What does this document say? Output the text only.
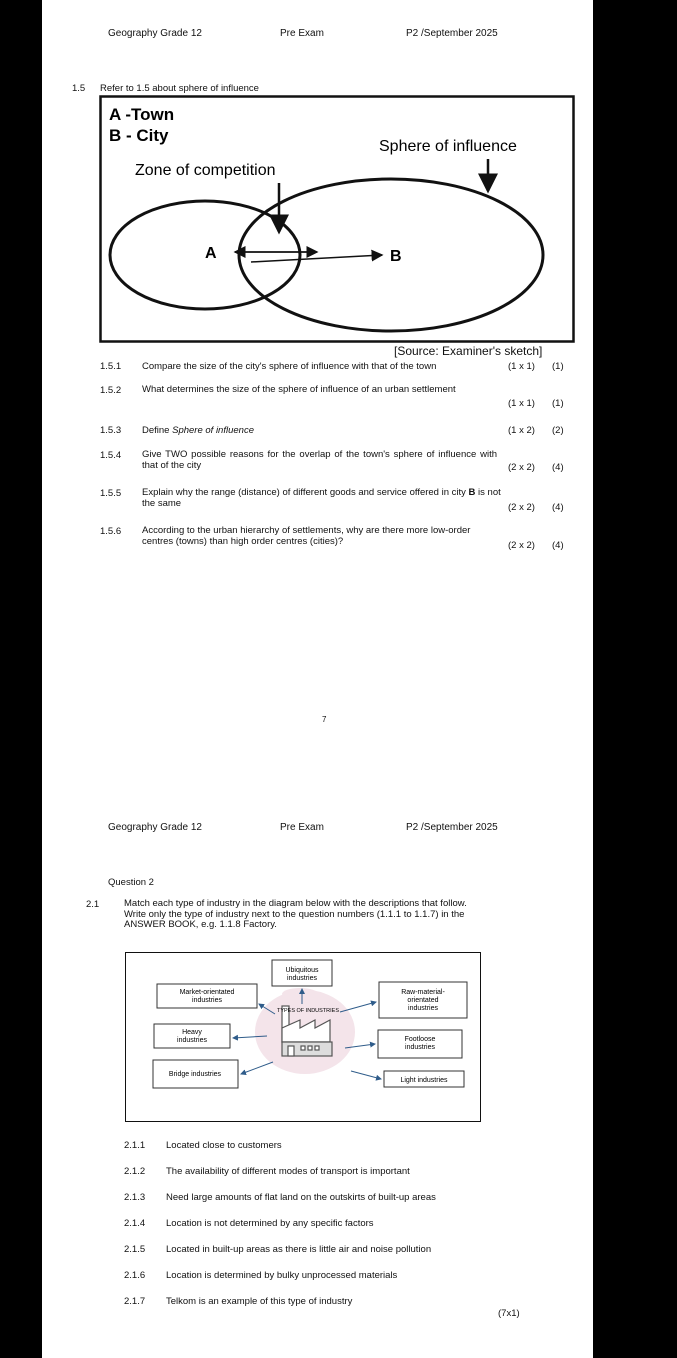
Geography Grade 12	Pre Exam	P2 /September 2025
1.5 Refer to 1.5 about sphere of influence
A -Town
B - City
Sphere of influence
Zone of competition
A	B
[Source: Examiner's sketch]
1.5.1 Compare the size of the city's sphere of influence with that of the town	(1 x 1) (1)
1.5.2 What determines the size of the sphere of influence of an urban settlement
(1 x 1) (1)
1.5.3 Define Sphere of influence	(1 x 2) (2)
1.5.4 Give TWO possible reasons for the overlap of the town's sphere of influence with that of the city	(2 x 2) (4)
1.5.5 Explain why the range (distance) of different goods and service offered in city B is not the same	(2 x 2) (4)
1.5.6 According to the urban hierarchy of settlements, why are there more low-order centres (towns) than high order centres (cities)?	(2 x 2) (4)
7
Geography Grade 12	Pre Exam	P2 /September 2025
Question 2
2.1	Match each type of industry in the diagram below with the descriptions that follow. Write only the type of industry next to the question numbers (1.1.1 to 1.1.7) in the ANSWER BOOK, e.g. 1.1.8 Factory.
TYPES OF INDUSTRIES
Ubiquitous industries
Market-orientated industries
Raw-material-orientated industries
Heavy industries	Footloose industries
Bridge industries
Light industries
2.1.1 Located close to customers
2.1.2 The availability of different modes of transport is important
2.1.3 Need large amounts of flat land on the outskirts of built-up areas
2.1.4 Location is not determined by any specific factors
2.1.5 Located in built-up areas as there is little air and noise pollution
2.1.6 Location is determined by bulky unprocessed materials
2.1.7 Telkom is an example of this type of industry
(7x1)
